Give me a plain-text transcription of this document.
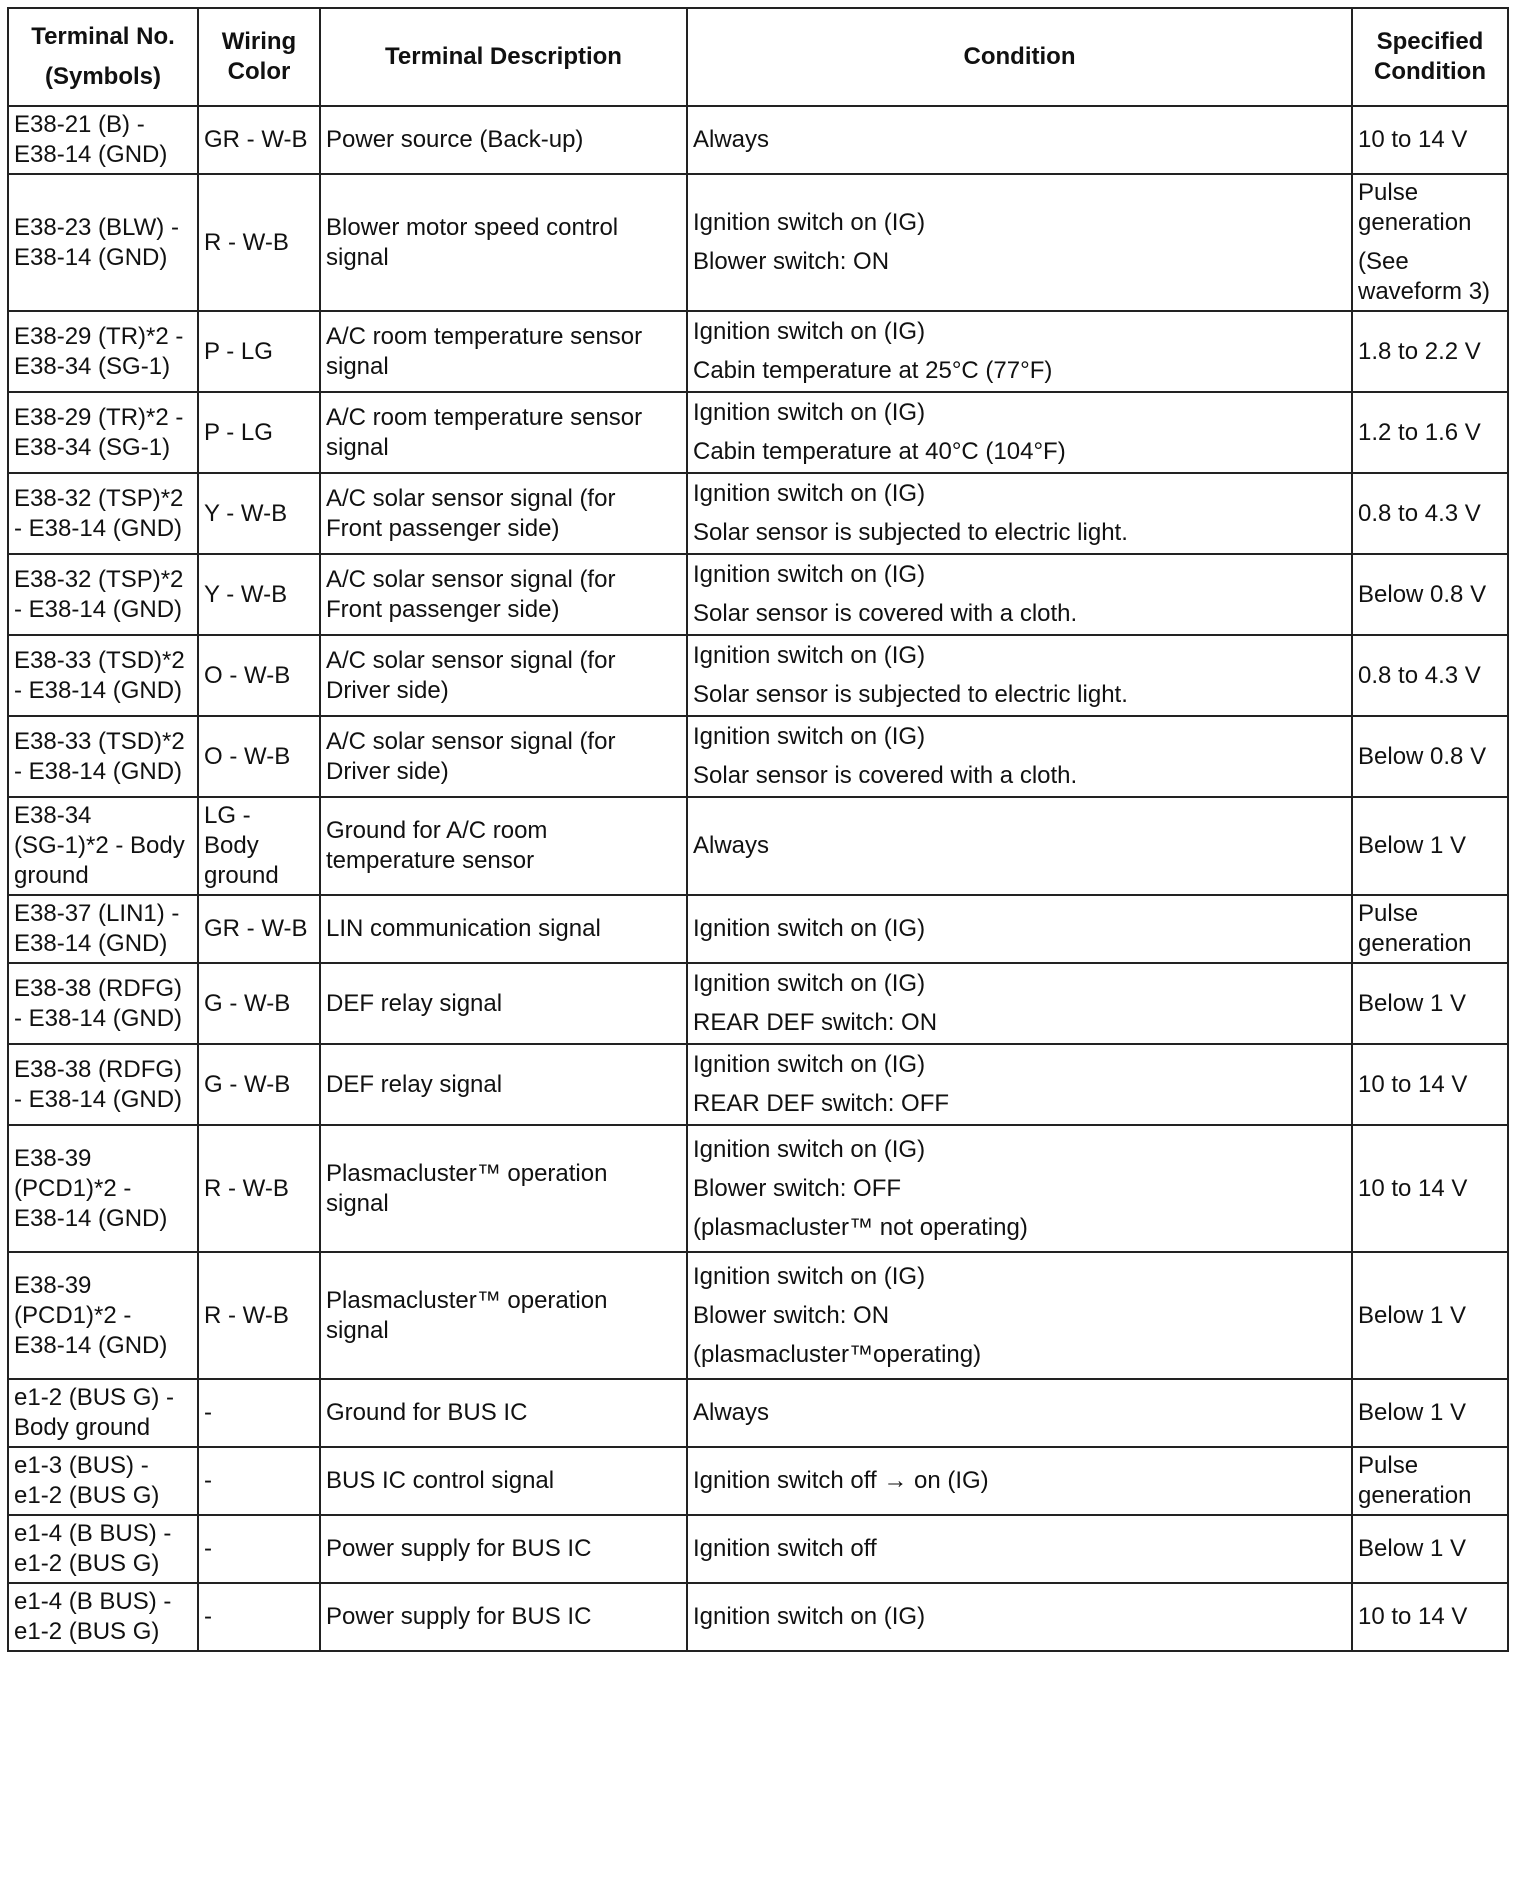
Terminal No.
(Symbols)	Wiring
Color	Terminal Description	Condition	Specified
Condition

E38-21 (B) -
E38-14 (GND)	GR - W-B	Power source (Back-up)	Always	10 to 14 V

E38-23 (BLW) -
E38-14 (GND)	R - W-B	Blower motor speed control
signal	Ignition switch on (IG)
Blower switch: ON	Pulse
generation
(See
waveform 3)

E38-29 (TR)*2 -
E38-34 (SG-1)	P - LG	A/C room temperature sensor
signal	Ignition switch on (IG)
Cabin temperature at 25°C (77°F)	1.8 to 2.2 V

E38-29 (TR)*2 -
E38-34 (SG-1)	P - LG	A/C room temperature sensor
signal	Ignition switch on (IG)
Cabin temperature at 40°C (104°F)	1.2 to 1.6 V

E38-32 (TSP)*2
- E38-14 (GND)	Y - W-B	A/C solar sensor signal (for
Front passenger side)	Ignition switch on (IG)
Solar sensor is subjected to electric light.	0.8 to 4.3 V

E38-32 (TSP)*2
- E38-14 (GND)	Y - W-B	A/C solar sensor signal (for
Front passenger side)	Ignition switch on (IG)
Solar sensor is covered with a cloth.	Below 0.8 V

E38-33 (TSD)*2
- E38-14 (GND)	O - W-B	A/C solar sensor signal (for
Driver side)	Ignition switch on (IG)
Solar sensor is subjected to electric light.	0.8 to 4.3 V

E38-33 (TSD)*2
- E38-14 (GND)	O - W-B	A/C solar sensor signal (for
Driver side)	Ignition switch on (IG)
Solar sensor is covered with a cloth.	Below 0.8 V

E38-34
(SG-1)*2 - Body
ground	LG -
Body
ground	Ground for A/C room
temperature sensor	Always	Below 1 V

E38-37 (LIN1) -
E38-14 (GND)	GR - W-B	LIN communication signal	Ignition switch on (IG)	Pulse
generation

E38-38 (RDFG)
- E38-14 (GND)	G - W-B	DEF relay signal	Ignition switch on (IG)
REAR DEF switch: ON	Below 1 V

E38-38 (RDFG)
- E38-14 (GND)	G - W-B	DEF relay signal	Ignition switch on (IG)
REAR DEF switch: OFF	10 to 14 V

E38-39
(PCD1)*2 -
E38-14 (GND)	R - W-B	Plasmacluster™ operation
signal	Ignition switch on (IG)
Blower switch: OFF
(plasmacluster™ not operating)	10 to 14 V

E38-39
(PCD1)*2 -
E38-14 (GND)	R - W-B	Plasmacluster™ operation
signal	Ignition switch on (IG)
Blower switch: ON
(plasmacluster™operating)	Below 1 V

e1-2 (BUS G) -
Body ground	-	Ground for BUS IC	Always	Below 1 V

e1-3 (BUS) -
e1-2 (BUS G)	-	BUS IC control signal	Ignition switch off → on (IG)	Pulse
generation

e1-4 (B BUS) -
e1-2 (BUS G)	-	Power supply for BUS IC	Ignition switch off	Below 1 V

e1-4 (B BUS) -
e1-2 (BUS G)	-	Power supply for BUS IC	Ignition switch on (IG)	10 to 14 V
